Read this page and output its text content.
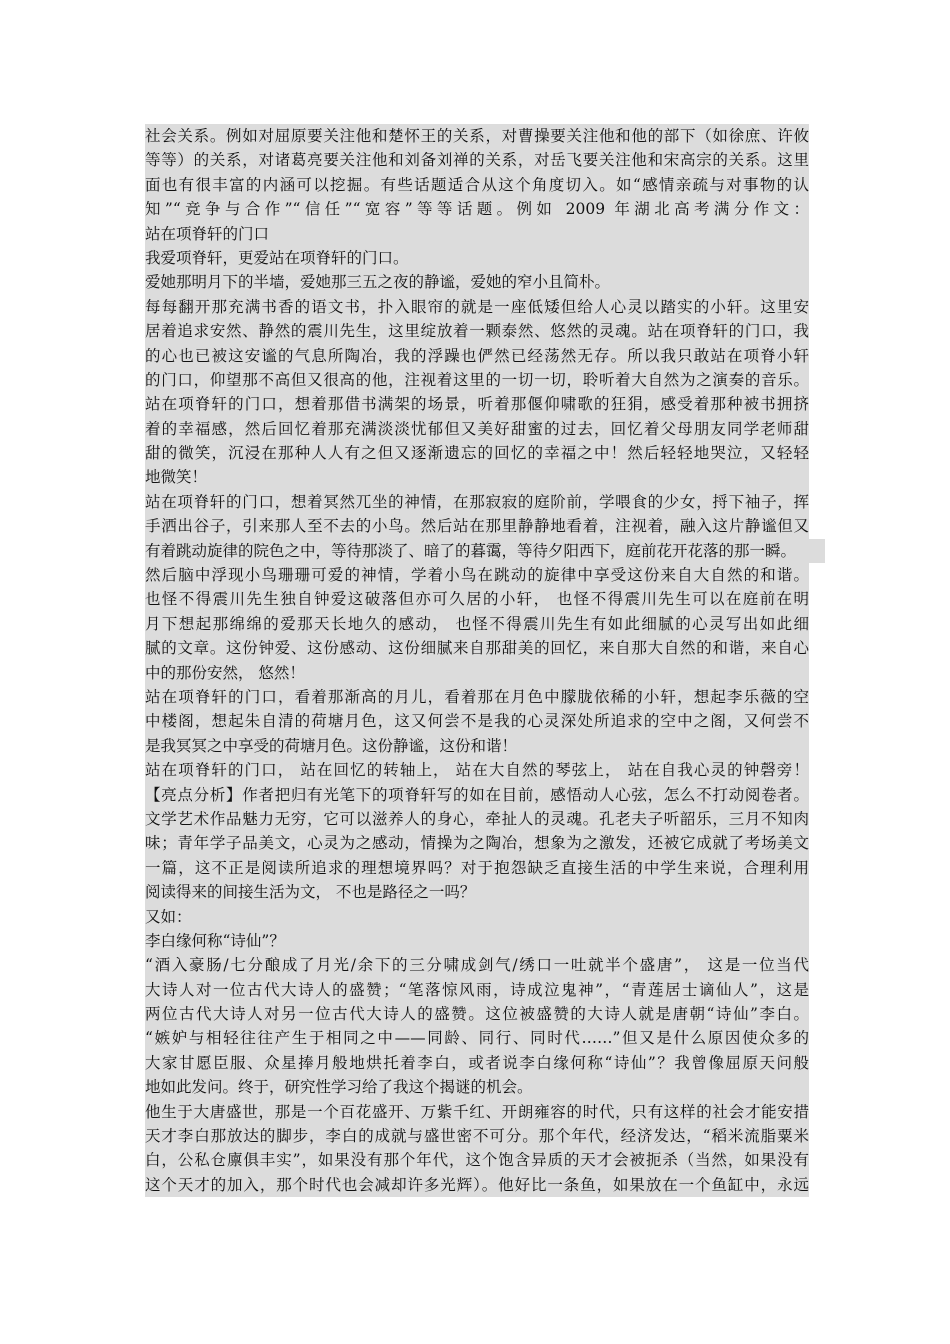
社会关系。例如对屈原要关注他和楚怀王的关系，对曹操要关注他和他的部下（如徐庶、许攸
等等）的关系，对诸葛亮要关注他和刘备刘禅的关系，对岳飞要关注他和宋高宗的关系。这里
面也有很丰富的内涵可以挖掘。有些话题适合从这个角度切入。如“感情亲疏与对事物的认
知”“竞争与合作”“信任”“宽容”等等话题。例如 2009 年湖北高考满分作文：
站在项脊轩的门口
我爱项脊轩，更爱站在项脊轩的门口。
爱她那明月下的半墙，爱她那三五之夜的静谧，爱她的窄小且简朴。
每每翻开那充满书香的语文书，扑入眼帘的就是一座低矮但给人心灵以踏实的小轩。这里安
居着追求安然、静然的震川先生，这里绽放着一颗泰然、悠然的灵魂。站在项脊轩的门口，我
的心也已被这安谧的气息所陶冶，我的浮躁也俨然已经荡然无存。所以我只敢站在项脊小轩
的门口，仰望那不高但又很高的他，注视着这里的一切一切，聆听着大自然为之演奏的音乐。
站在项脊轩的门口，想着那借书满架的场景，听着那偃仰啸歌的狂狷，感受着那种被书拥挤
着的幸福感，然后回忆着那充满淡淡忧郁但又美好甜蜜的过去，回忆着父母朋友同学老师甜
甜的微笑，沉浸在那种人人有之但又逐渐遗忘的回忆的幸福之中！然后轻轻地哭泣，又轻轻
地微笑！
站在项脊轩的门口，想着冥然兀坐的神情，在那寂寂的庭阶前，学喂食的少女，捋下袖子，挥
手洒出谷子，引来那人至不去的小鸟。然后站在那里静静地看着，注视着，融入这片静谧但又
有着跳动旋律的院色之中，等待那淡了、暗了的暮霭，等待夕阳西下，庭前花开花落的那一瞬。
然后脑中浮现小鸟珊珊可爱的神情，学着小鸟在跳动的旋律中享受这份来自大自然的和谐。
也怪不得震川先生独自钟爱这破落但亦可久居的小轩， 也怪不得震川先生可以在庭前在明
月下想起那绵绵的爱那天长地久的感动， 也怪不得震川先生有如此细腻的心灵写出如此细
腻的文章。这份钟爱、这份感动、这份细腻来自那甜美的回忆，来自那大自然的和谐，来自心
中的那份安然， 悠然！
站在项脊轩的门口，看着那渐高的月儿，看着那在月色中朦胧依稀的小轩，想起李乐薇的空
中楼阁，想起朱自清的荷塘月色，这又何尝不是我的心灵深处所追求的空中之阁，又何尝不
是我冥冥之中享受的荷塘月色。这份静谧，这份和谐！
站在项脊轩的门口， 站在回忆的转轴上， 站在大自然的琴弦上， 站在自我心灵的钟磬旁！
【亮点分析】作者把归有光笔下的项脊轩写的如在目前，感悟动人心弦，怎么不打动阅卷者。
文学艺术作品魅力无穷，它可以滋养人的身心，牵扯人的灵魂。孔老夫子听韶乐，三月不知肉
味；青年学子品美文，心灵为之感动，情操为之陶冶，想象为之激发，还被它成就了考场美文
一篇，这不正是阅读所追求的理想境界吗？对于抱怨缺乏直接生活的中学生来说，合理利用
阅读得来的间接生活为文， 不也是路径之一吗？
又如：
李白缘何称“诗仙”？
“酒入豪肠/七分酿成了月光/余下的三分啸成剑气/绣口一吐就半个盛唐”， 这是一位当代
大诗人对一位古代大诗人的盛赞；“笔落惊风雨，诗成泣鬼神”，“青莲居士谪仙人”，这是
两位古代大诗人对另一位古代大诗人的盛赞。这位被盛赞的大诗人就是唐朝“诗仙”李白。
“嫉妒与相轻往往产生于相同之中——同龄、同行、同时代……”但又是什么原因使众多的
大家甘愿臣服、众星捧月般地烘托着李白，或者说李白缘何称“诗仙”？我曾像屈原天问般
地如此发问。终于，研究性学习给了我这个揭谜的机会。
他生于大唐盛世，那是一个百花盛开、万紫千红、开朗雍容的时代，只有这样的社会才能安措
天才李白那放达的脚步，李白的成就与盛世密不可分。那个年代，经济发达，“稻米流脂粟米
白，公私仓廪俱丰实”，如果没有那个年代，这个饱含异质的天才会被扼杀（当然，如果没有
这个天才的加入，那个时代也会减却许多光辉）。他好比一条鱼，如果放在一个鱼缸中，永远
